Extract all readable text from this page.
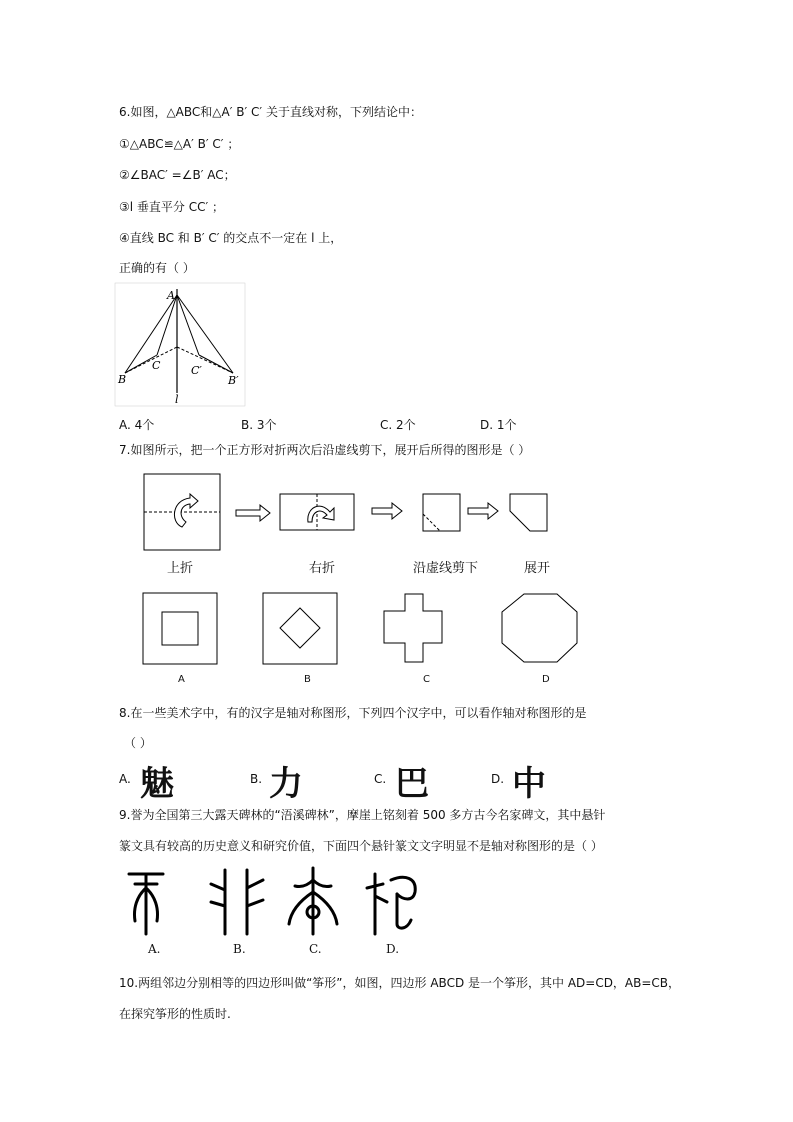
6.如图，△ABC和△A′ B′ C′ 关于直线对称，下列结论中：
①△ABC≌△A′ B′ C′ ；
②∠BAC′ =∠B′ AC；
③l 垂直平分 CC′ ；
④直线 BC 和 B′ C′ 的交点不一定在 l 上，
正确的有（ ）
A
B
C	C′
B′
l
A. 4个	B. 3个	C. 2个	D. 1个
7.如图所示，把一个正方形对折两次后沿虚线剪下，展开后所得的图形是（ ）
上折	右折	沿虚线剪下	展开
A	B	C	D
8.在一些美术字中，有的汉字是轴对称图形，下列四个汉字中，可以看作轴对称图形的是
（ ）
A. 魅	B. 力	C. 巴	D. 中
9.誉为全国第三大露天碑林的“浯溪碑林”，摩崖上铭刻着 500 多方古今名家碑文，其中悬针
篆文具有较高的历史意义和研究价值，下面四个悬针篆文文字明显不是轴对称图形的是（ ）
A.	B.	C.	D.
10.两组邻边分别相等的四边形叫做“筝形”，如图，四边形 ABCD 是一个筝形，其中 AD=CD，AB=CB，
在探究筝形的性质时.
